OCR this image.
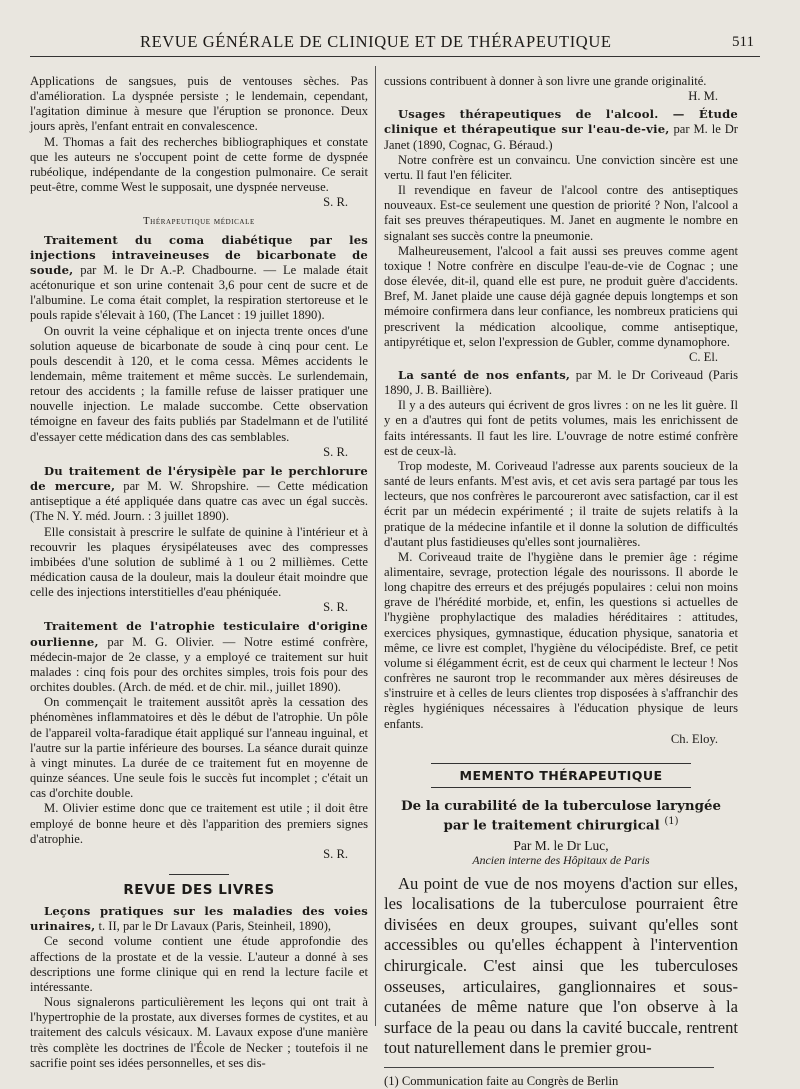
REVUE GÉNÉRALE DE CLINIQUE ET DE THÉRAPEUTIQUE	511

Applications de sangsues, puis de ventouses sèches. Pas d'amélioration. La dyspnée persiste ; le lendemain, cependant, l'agitation diminue à mesure que l'éruption se prononce. Deux jours après, l'enfant entrait en convalescence.

M. Thomas a fait des recherches bibliographiques et constate que les auteurs ne s'occupent point de cette forme de dyspnée rubéolique, indépendante de la congestion pulmonaire. Ce serait peut-être, comme West le supposait, une dyspnée nerveuse.

S. R.
Thérapeutique médicale

Traitement du coma diabétique par les injections intraveineuses de bicarbonate de soude, par M. le Dr A.-P. Chadbourne. — Le malade était acétonurique et son urine contenait 3,6 pour cent de sucre et de l'albumine. Le coma était complet, la respiration stertoreuse et le pouls rapide s'élevait à 160, (The Lancet : 19 juillet 1890).

On ouvrit la veine céphalique et on injecta trente onces d'une solution aqueuse de bicarbonate de soude à cinq pour cent. Le pouls descendit à 120, et le coma cessa. Mêmes accidents le lendemain, même traitement et même succès. Le surlendemain, retour des accidents ; la famille refuse de laisser pratiquer une nouvelle injection. Le malade succombe. Cette observation témoigne en faveur des faits publiés par Stadelmann et de l'utilité d'essayer cette médication dans des cas semblables.

S. R.

Du traitement de l'érysipèle par le perchlorure de mercure, par M. W. Shropshire. — Cette médication antiseptique a été appliquée dans quatre cas avec un égal succès. (The N. Y. méd. Journ. : 3 juillet 1890).

Elle consistait à prescrire le sulfate de quinine à l'intérieur et à recouvrir les plaques érysipélateuses avec des compresses imbibées d'une solution de sublimé à 1 ou 2 millièmes. Cette médication causa de la douleur, mais la douleur était moindre que celle des injections interstitielles d'eau phéniquée.

S. R.

Traitement de l'atrophie testiculaire d'origine ourlienne, par M. G. Olivier. — Notre estimé confrère, médecin-major de 2e classe, y a employé ce traitement sur huit malades : cinq fois pour des orchites simples, trois fois pour des orchites doubles. (Arch. de méd. et de chir. mil., juillet 1890).

On commençait le traitement aussitôt après la cessation des phénomènes inflammatoires et dès le début de l'atrophie. Un pôle de l'appareil volta-faradique était appliqué sur l'anneau inguinal, et l'autre sur la partie inférieure des bourses. La séance durait quinze à vingt minutes. La durée de ce traitement fut en moyenne de quinze séances. Une seule fois le succès fut incomplet ; c'était un cas d'orchite double.

M. Olivier estime donc que ce traitement est utile ; il doit être employé de bonne heure et dès l'apparition des premiers signes d'atrophie.

S. R.
REVUE DES LIVRES

Leçons pratiques sur les maladies des voies urinaires, t. II, par le Dr Lavaux (Paris, Steinheil, 1890),

Ce second volume contient une étude approfondie des affections de la prostate et de la vessie. L'auteur a donné à ses descriptions une forme clinique qui en rend la lecture facile et intéressante.

Nous signalerons particulièrement les leçons qui ont trait à l'hypertrophie de la prostate, aux diverses formes de cystites, et au traitement des calculs vésicaux. M. Lavaux expose d'une manière très complète les doctrines de l'École de Necker ; toutefois il ne sacrifie point ses idées personnelles, et ses dis-

cussions contribuent à donner à son livre une grande originalité.

H. M.

Usages thérapeutiques de l'alcool. — Étude clinique et thérapeutique sur l'eau-de-vie, par M. le Dr Janet (1890, Cognac, G. Béraud.)

Notre confrère est un convaincu. Une conviction sincère est une vertu. Il faut l'en féliciter.

Il revendique en faveur de l'alcool contre des antiseptiques nouveaux. Est-ce seulement une question de priorité ? Non, l'alcool a fait ses preuves thérapeutiques. M. Janet en augmente le nombre en signalant ses succès contre la pneumonie.

Malheureusement, l'alcool a fait aussi ses preuves comme agent toxique ! Notre confrère en disculpe l'eau-de-vie de Cognac ; une dose élevée, dit-il, quand elle est pure, ne produit guère d'accidents. Bref, M. Janet plaide une cause déjà gagnée depuis longtemps et son mémoire confirmera dans leur confiance, les nombreux praticiens qui prescrivent la médication alcoolique, comme antiseptique, antipyrétique et, selon l'expression de Gubler, comme dynamophore.

C. El.

La santé de nos enfants, par M. le Dr Coriveaud (Paris 1890, J. B. Baillière).

Il y a des auteurs qui écrivent de gros livres : on ne les lit guère. Il y en a d'autres qui font de petits volumes, mais les enrichissent de faits intéressants. Il faut les lire. L'ouvrage de notre estimé confrère est de ceux-là.

Trop modeste, M. Coriveaud l'adresse aux parents soucieux de la santé de leurs enfants. M'est avis, et cet avis sera partagé par tous les lecteurs, que nos confrères le parcoureront avec satisfaction, car il est écrit par un médecin expérimenté ; il traite de sujets relatifs à la pratique de la médecine infantile et il donne la solution de difficultés d'autant plus fastidieuses qu'elles sont journalières.

M. Coriveaud traite de l'hygiène dans le premier âge : régime alimentaire, sevrage, protection légale des nourissons. Il aborde le long chapitre des erreurs et des préjugés populaires : celui non moins grave de l'hérédité morbide, et, enfin, les questions si actuelles de l'hygiène prophylactique des maladies héréditaires : attitudes, exercices physiques, gymnastique, éducation physique, sanatoria et même, ce livre est complet, l'hygiène du vélocipédiste. Bref, ce petit volume si élégamment écrit, est de ceux qui charment le lecteur ! Nos confrères ne sauront trop le recommander aux mères désireuses de s'instruire et à celles de leurs clientes trop disposées à s'affranchir des règles hygiéniques nécessaires à l'éducation physique de leurs enfants.

Ch. Eloy.
MEMENTO THÉRAPEUTIQUE
De la curabilité de la tuberculose laryngée
par le traitement chirurgical $^{(1)}$
Par M. le Dr Luc,
Ancien interne des Hôpitaux de Paris

Au point de vue de nos moyens d'action sur elles, les localisations de la tuberculose pourraient être divisées en deux groupes, suivant qu'elles sont accessibles ou qu'elles échappent à l'intervention chirurgicale. C'est ainsi que les tuberculoses osseuses, articulaires, ganglionnaires et sous-cutanées de même nature que l'on observe à la surface de la peau ou dans la cavité buccale, rentrent tout naturellement dans le premier grou-

(1) Communication faite au Congrès de Berlin
